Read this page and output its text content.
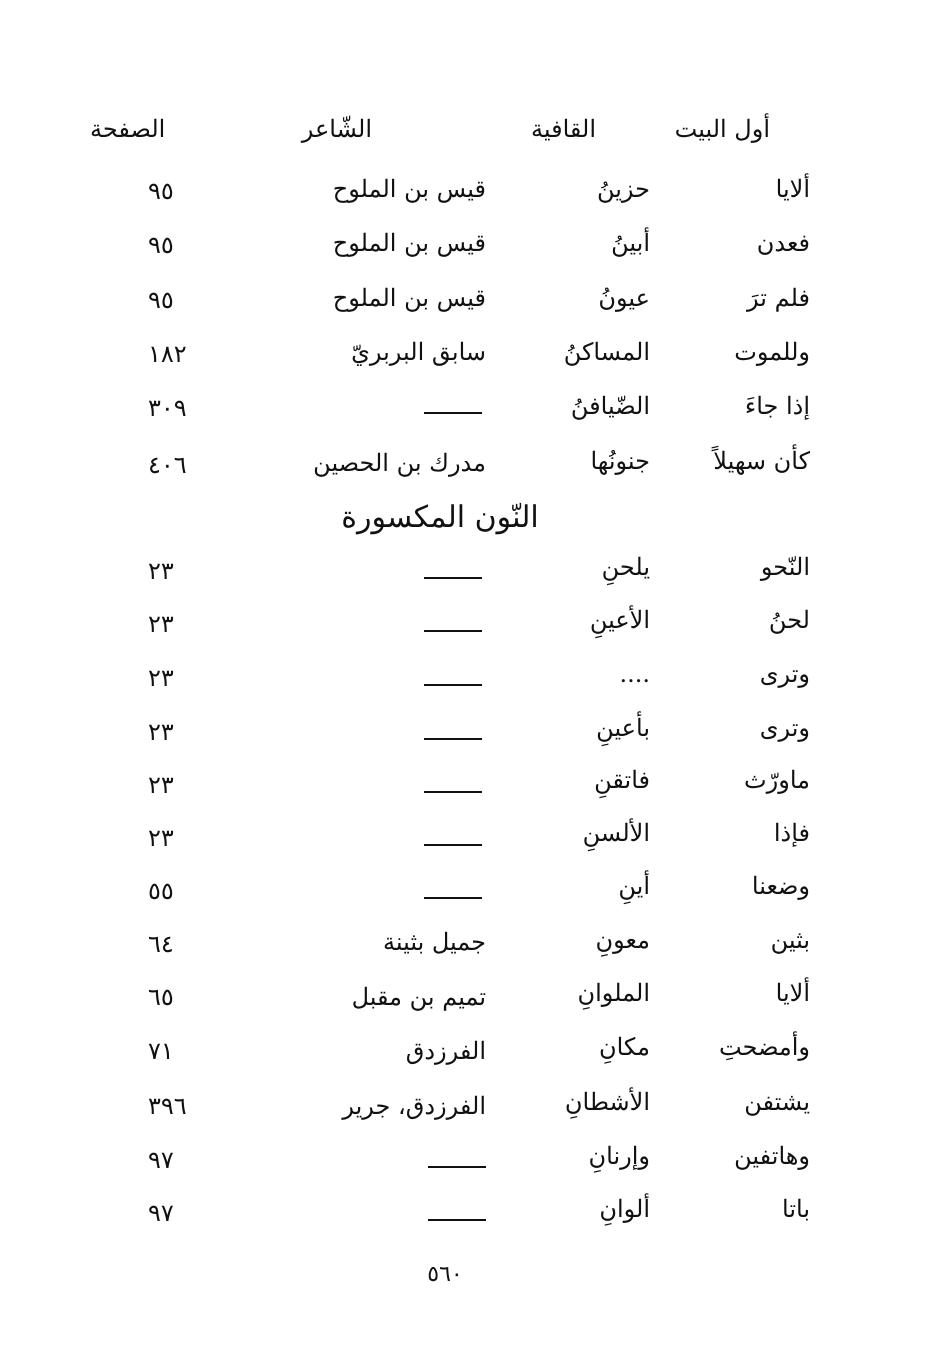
أول البيت
القافية
الشّاعر
الصفحة
ألايا
حزينُ
قيس بن الملوح
٩٥
فعدن
أبينُ
قيس بن الملوح
٩٥
فلم ترَ
عيونُ
قيس بن الملوح
٩٥
وللموت
المساكنُ
سابق البربريّ
١٨٢
إذا جاءَ
الضّيافنُ
٣٠٩
كأن سهيلاً
جنونُها
مدرك بن الحصين
٤٠٦
النّون المكسورة
النّحو
يلحنِ
٢٣
لحنُ
الأعينِ
٢٣
وترى
....
٢٣
وترى
بأعينِ
٢٣
ماورّث
فاتقنِ
٢٣
فإذا
الألسنِ
٢٣
وضعنا
أينِ
٥٥
بثين
معونِ
جميل بثينة
٦٤
ألايا
الملوانِ
تميم بن مقبل
٦٥
وأمضحتِ
مكانِ
الفرزدق
٧١
يشتفن
الأشطانِ
الفرزدق، جرير
٣٩٦
وهاتفين
وإرنانِ
٩٧
باتا
ألوانِ
٩٧
٥٦٠
